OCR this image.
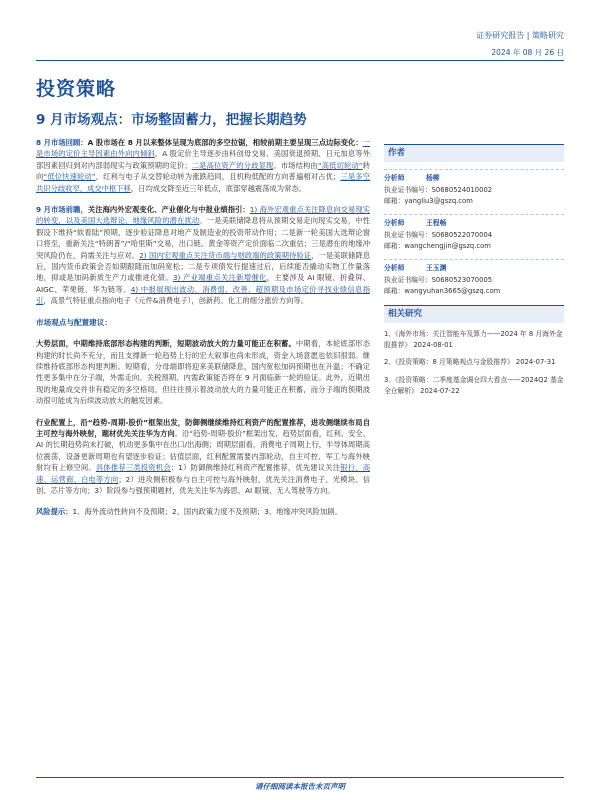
证券研究报告 | 策略研究
2024 年 08 月 26 日
投资策略
9 月市场观点：市场整固蓄力，把握长期趋势

8 月市场回顾：A 股市场在 8 月以来整体呈现为底部的多空拉锯，相较前期主要呈现三点边际变化：一是市场的定价主导因素由外向内倾斜。A 股定价主导逐步由科创母交易、美国衰退预期、日元加息等外部因素回归到对内部弱现实与政策预期的定价；二是高位资产的分歧显现。市场结构由“高低切轮动”转向“低位快速轮动”，红利与电子从交替轮动转为涨跌趋同，且机构低配的方向普遍相对占优；三是多空共识分歧收窄，成交中枢下移，日均成交降至近三年低点，底部穿越震荡成为常态。

9 月市场前瞻，关注海内外宏观变化、产业催化与中报业绩指引：1) 海外宏观重点关注降息向交易现实的转变，以及美国大选辩论、地缘风险的潜在扰动。一是美联储降息将从预期交易走向现实交易，中性假设下维持“软着陆”预期，逐步验证降息对地产及制造业的投资带动作用；二是新一轮美国大选辩论窗口将至，重新关注“特朗普”/“哈里斯”交易，出口链、黄金等资产定价面临二次重估；三是潜在的地缘冲突风险仍在，尚需关注与应对。2) 国内宏观重点关注货币端与财政端的政策期待验证，一是美联储降息后，国内货币政策会否如期跟随而加码宽松；二是专项债发行提速过后，后续能否撬动实物工作量落地，抑或是加码新质生产力或推进化债。3) 产业端重点关注新增催化，主要涉及 AI 眼镜、折叠屏、AIGC、苹果链、华为链等。4) 中报展现出波动、消费弱、改善、超预期及市场定价寻找业绩信息指引，高景气特征重点指向电子（元件&消费电子），创新药、化工的细分涨价方向等。

市场观点与配置建议：

大势层面，中期维持底部形态构建的判断，短期波动放大的力量可能正在积蓄。中期看，本轮底部形态构建的时长尚不充分，而且支撑新一轮趋势上行的宏大叙事也尚未形成，资金入场意愿也依旧很弱。继续维持底部形态构建判断。短期看，分母端即将迎来美联储降息，国内宽松加码预期也在升温；不确定性更多集中在分子端，外需走向、关税预期、内需政策能否将在 9 月面临新一轮的验证。此外，近期出现的地量成交并非有稳定的多空格局，但往往预示着波动放大的力量可能正在积蓄，而分子端的预期波动很可能成为后续波动放大的触发因素。

行业配置上，沿“趋势-周期-股价”框架出发，防御侧继续维持红利资产的配置推荐，进攻侧继续布局自主可控与海外映射，题材优先关注华为方向。沿“趋势-周期-股价”框架出发，趋势层面看，红利、安全、AI 的长期趋势尚未打破，机动更多集中在出口/出海侧；周期层面看，消费电子周期上行，半导体周期高位震荡，设备更新周期也有望逐步验证；估值层面，红利配置需要内部轮动，自主可控、军工与海外映射均有上修空间。具体推荐三类投资机会：1）防御侧维持红利资产配置推荐，优先建议关注银行、高速、运营商、白电等方向；2）进攻侧积极参与自主可控与海外映射，优先关注消费电子、光模块、信创、芯片等方向；3）阶段参与强预期题材，优先关注华为海思、AI 眼镜、无人驾驶等方向。

风险提示：1、海外流动性转向不及预期；2、国内政策力度不及预期；3、地缘冲突风险加剧。

作者
分析师	杨柳
执业证书编号：S0680524010002
邮箱：yangliu3@gszq.com
分析师	王程畅
执业证书编号：S0680522070004
邮箱：wangchengjin@gszq.com
分析师	王玉渊
执业证书编号：S0680523070005
邮箱：wangyuhan3665@gszq.com
相关研究
1、《海外市场：关注智能车及算力——2024 年 8 月海外金股推荐》 2024-08-01
2、《投资策略：8 月策略观点与金股推荐》 2024-07-31
3、《投资策略：二季度基金调仓四大看点——2024Q2 基金全仓解析》 2024-07-22
请仔细阅读本报告末页声明
